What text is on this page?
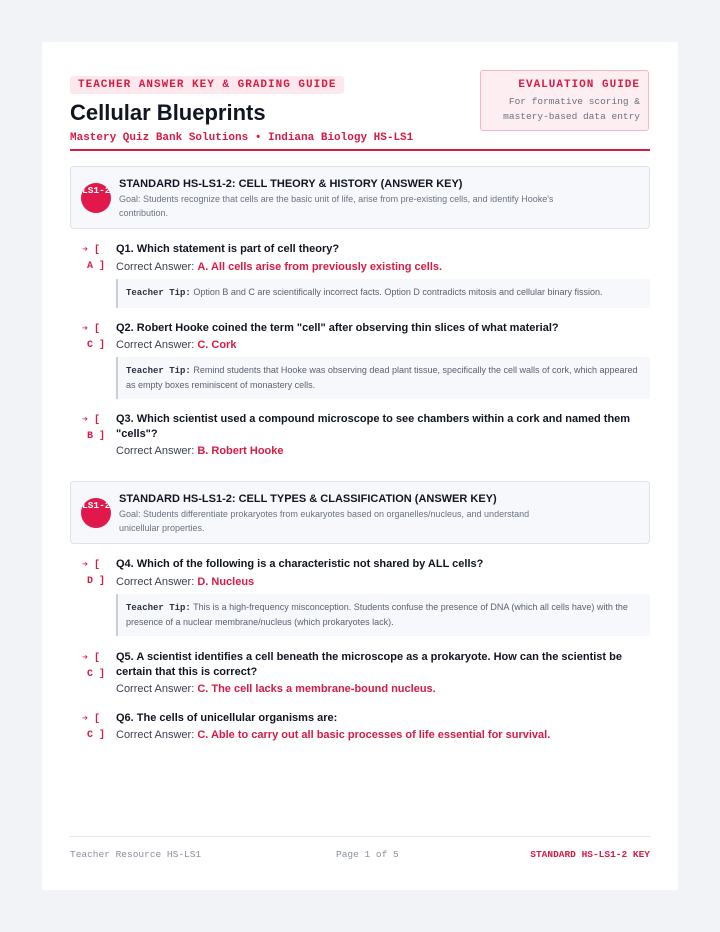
TEACHER ANSWER KEY & GRADING GUIDE
Cellular Blueprints
Mastery Quiz Bank Solutions • Indiana Biology HS-LS1
EVALUATION GUIDE
For formative scoring &
mastery-based data entry
LS1-2
STANDARD HS-LS1-2: CELL THEORY & HISTORY (ANSWER KEY)
Goal: Students recognize that cells are the basic unit of life, arise from pre-existing cells, and identify Hooke's contribution.
➔ [
A ]
Q1. Which statement is part of cell theory?
Correct Answer: A. All cells arise from previously existing cells.
Teacher Tip: Option B and C are scientifically incorrect facts. Option D contradicts mitosis and cellular binary fission.
➔ [
C ]
Q2. Robert Hooke coined the term "cell" after observing thin slices of what material?
Correct Answer: C. Cork
Teacher Tip: Remind students that Hooke was observing dead plant tissue, specifically the cell walls of cork, which appeared as empty boxes reminiscent of monastery cells.
➔ [
B ]
Q3. Which scientist used a compound microscope to see chambers within a cork and named them "cells"?
Correct Answer: B. Robert Hooke
LS1-2
STANDARD HS-LS1-2: CELL TYPES & CLASSIFICATION (ANSWER KEY)
Goal: Students differentiate prokaryotes from eukaryotes based on organelles/nucleus, and understand unicellular properties.
➔ [
D ]
Q4. Which of the following is a characteristic not shared by ALL cells?
Correct Answer: D. Nucleus
Teacher Tip: This is a high-frequency misconception. Students confuse the presence of DNA (which all cells have) with the presence of a nuclear membrane/nucleus (which prokaryotes lack).
➔ [
C ]
Q5. A scientist identifies a cell beneath the microscope as a prokaryote. How can the scientist be certain that this is correct?
Correct Answer: C. The cell lacks a membrane-bound nucleus.
➔ [
C ]
Q6. The cells of unicellular organisms are:
Correct Answer: C. Able to carry out all basic processes of life essential for survival.
Teacher Resource HS-LS1	Page 1 of 5	STANDARD HS-LS1-2 KEY
